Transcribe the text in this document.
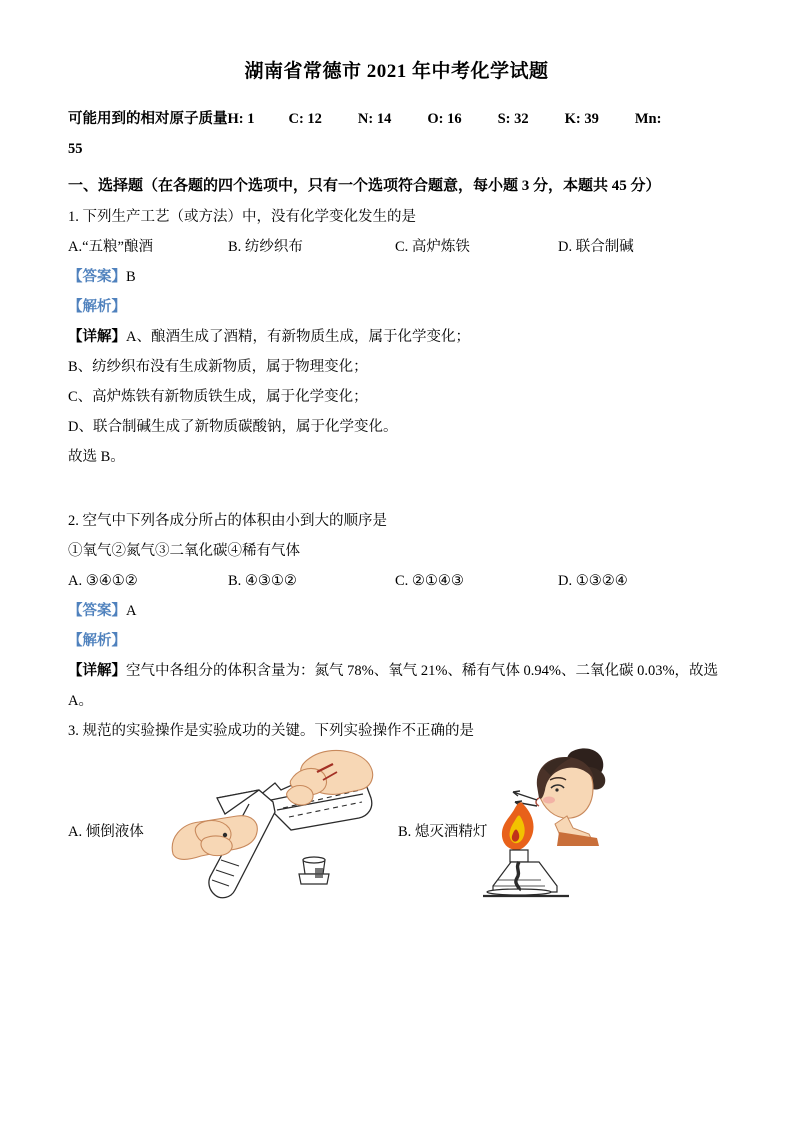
湖南省常德市 2021 年中考化学试题
可能用到的相对原子质量H: 1 C: 12 N: 14 O: 16 S: 32 K: 39 Mn:
55
一、选择题（在各题的四个选项中，只有一个选项符合题意，每小题 3 分，本题共 45 分）
1. 下列生产工艺（或方法）中，没有化学变化发生的是
A.“五粮”酿酒	B. 纺纱织布	C. 高炉炼铁	D. 联合制碱
【答案】B
【解析】
【详解】A、酿酒生成了酒精，有新物质生成，属于化学变化；
B、纺纱织布没有生成新物质，属于物理变化；
C、高炉炼铁有新物质铁生成，属于化学变化；
D、联合制碱生成了新物质碳酸钠，属于化学变化。
故选 B。
2. 空气中下列各成分所占的体积由小到大的顺序是
①氧气②氮气③二氧化碳④稀有气体
A. ③④①②	B. ④③①②	C. ②①④③	D. ①③②④
【答案】A
【解析】
【详解】空气中各组分的体积含量为：氮气 78%、氧气 21%、稀有气体 0.94%、二氧化碳 0.03%，故选
A。
3. 规范的实验操作是实验成功的关键。下列实验操作不正确的是
A. 倾倒液体	B. 熄灭酒精灯
